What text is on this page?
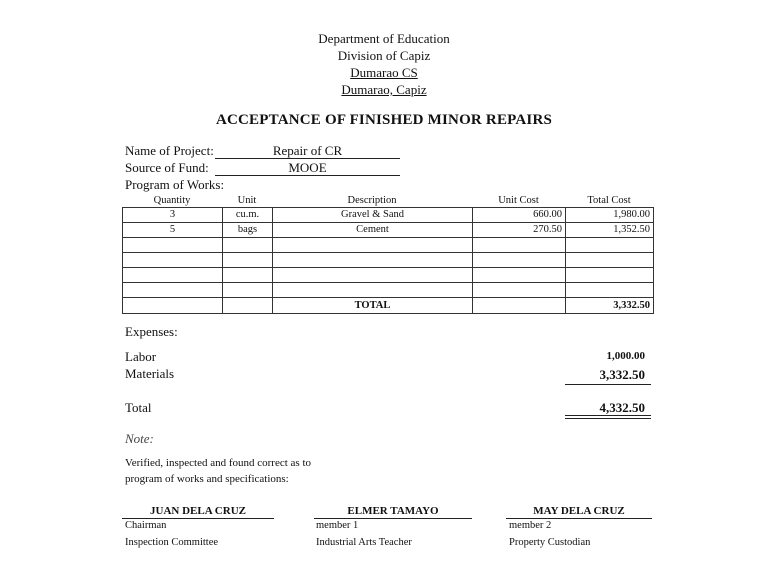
Department of Education
Division of Capiz
Dumarao CS
Dumarao, Capiz
ACCEPTANCE OF FINISHED MINOR REPAIRS
Name of Project:	Repair of CR
Source of Fund:	MOOE
Program of Works:
Quantity	Unit	Description	Unit Cost	Total Cost
3	cu.m.	Gravel & Sand	660.00	1,980.00
5	bags	Cement	270.50	1,352.50

		TOTAL		3,332.50
Expenses:
Labor	1,000.00
Materials	3,332.50
Total	4,332.50
Note:
Verified, inspected and found correct as to
program of works and specifications:
JUAN DELA CRUZ
Chairman
Inspection Committee
ELMER TAMAYO
member 1
Industrial Arts Teacher
MAY DELA CRUZ
member 2
Property Custodian
